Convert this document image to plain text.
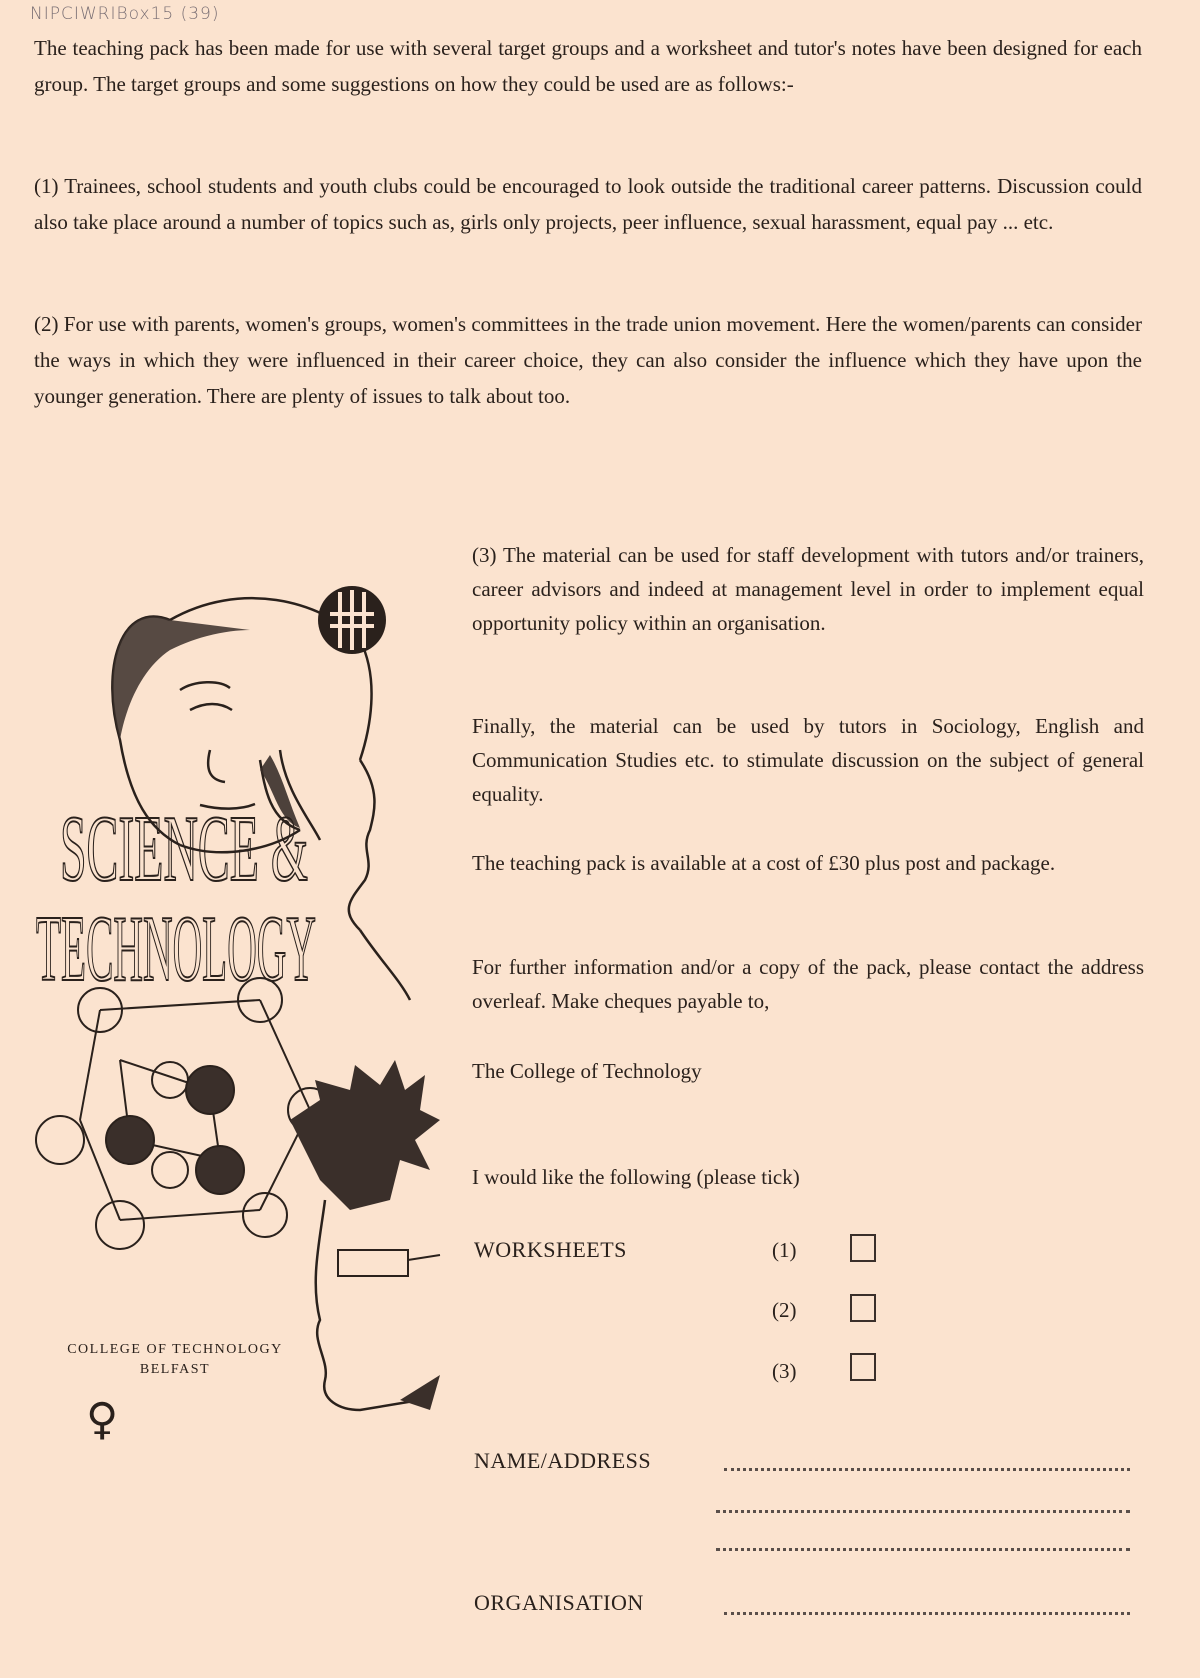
NIPCIWRIBox15 (39)

The teaching pack has been made for use with several target groups and a worksheet and tutor's notes have been designed for each group. The target groups and some suggestions on how they could be used are as follows:-

(1) Trainees, school students and youth clubs could be encouraged to look outside the traditional career patterns. Discussion could also take place around a number of topics such as, girls only projects, peer influence, sexual harassment, equal pay ... etc.

(2) For use with parents, women's groups, women's committees in the trade union movement. Here the women/parents can consider the ways in which they were influenced in their career choice, they can also consider the influence which they have upon the younger generation. There are plenty of issues to talk about too.

SCIENCE &
TECHNOLOGY
COLLEGE OF TECHNOLOGY
BELFAST
♀

(3) The material can be used for staff development with tutors and/or trainers, career advisors and indeed at management level in order to implement equal opportunity policy within an organisation.

Finally, the material can be used by tutors in Sociology, English and Communication Studies etc. to stimulate discussion on the subject of general equality.

The teaching pack is available at a cost of £30 plus post and package.

For further information and/or a copy of the pack, please contact the address overleaf. Make cheques payable to,

The College of Technology

I would like the following (please tick)

WORKSHEETS	(1)
(2)
(3)
NAME/ADDRESS
ORGANISATION
